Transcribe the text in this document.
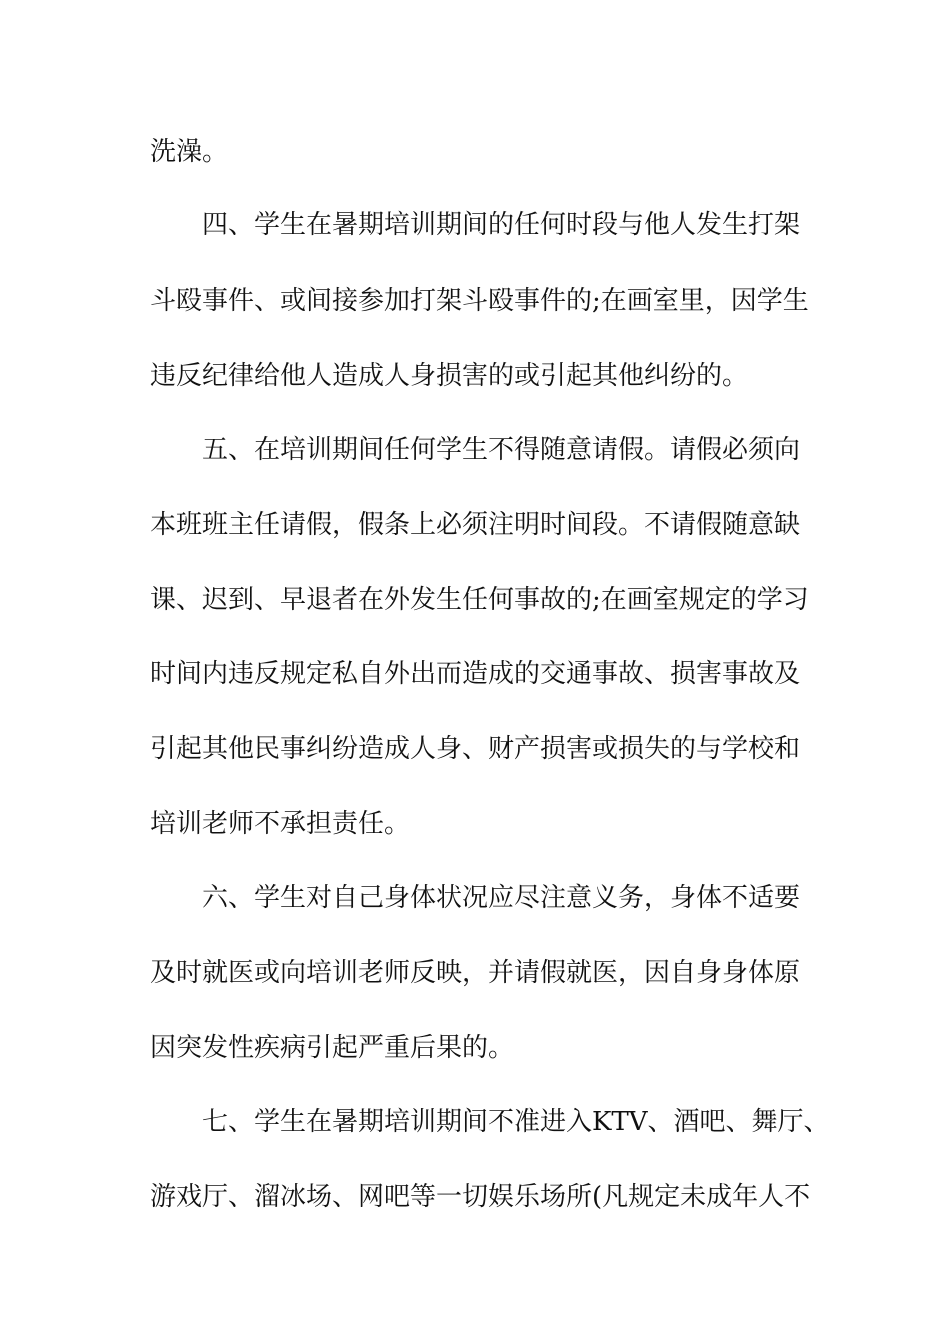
洗澡。
四、学生在暑期培训期间的任何时段与他人发生打架
斗殴事件、或间接参加打架斗殴事件的;在画室里，因学生
违反纪律给他人造成人身损害的或引起其他纠纷的。
五、在培训期间任何学生不得随意请假。请假必须向
本班班主任请假，假条上必须注明时间段。不请假随意缺
课、迟到、早退者在外发生任何事故的;在画室规定的学习
时间内违反规定私自外出而造成的交通事故、损害事故及
引起其他民事纠纷造成人身、财产损害或损失的与学校和
培训老师不承担责任。
六、学生对自己身体状况应尽注意义务，身体不适要
及时就医或向培训老师反映，并请假就医，因自身身体原
因突发性疾病引起严重后果的。
七、学生在暑期培训期间不准进入KTV、酒吧、舞厅、
游戏厅、溜冰场、网吧等一切娱乐场所(凡规定未成年人不
